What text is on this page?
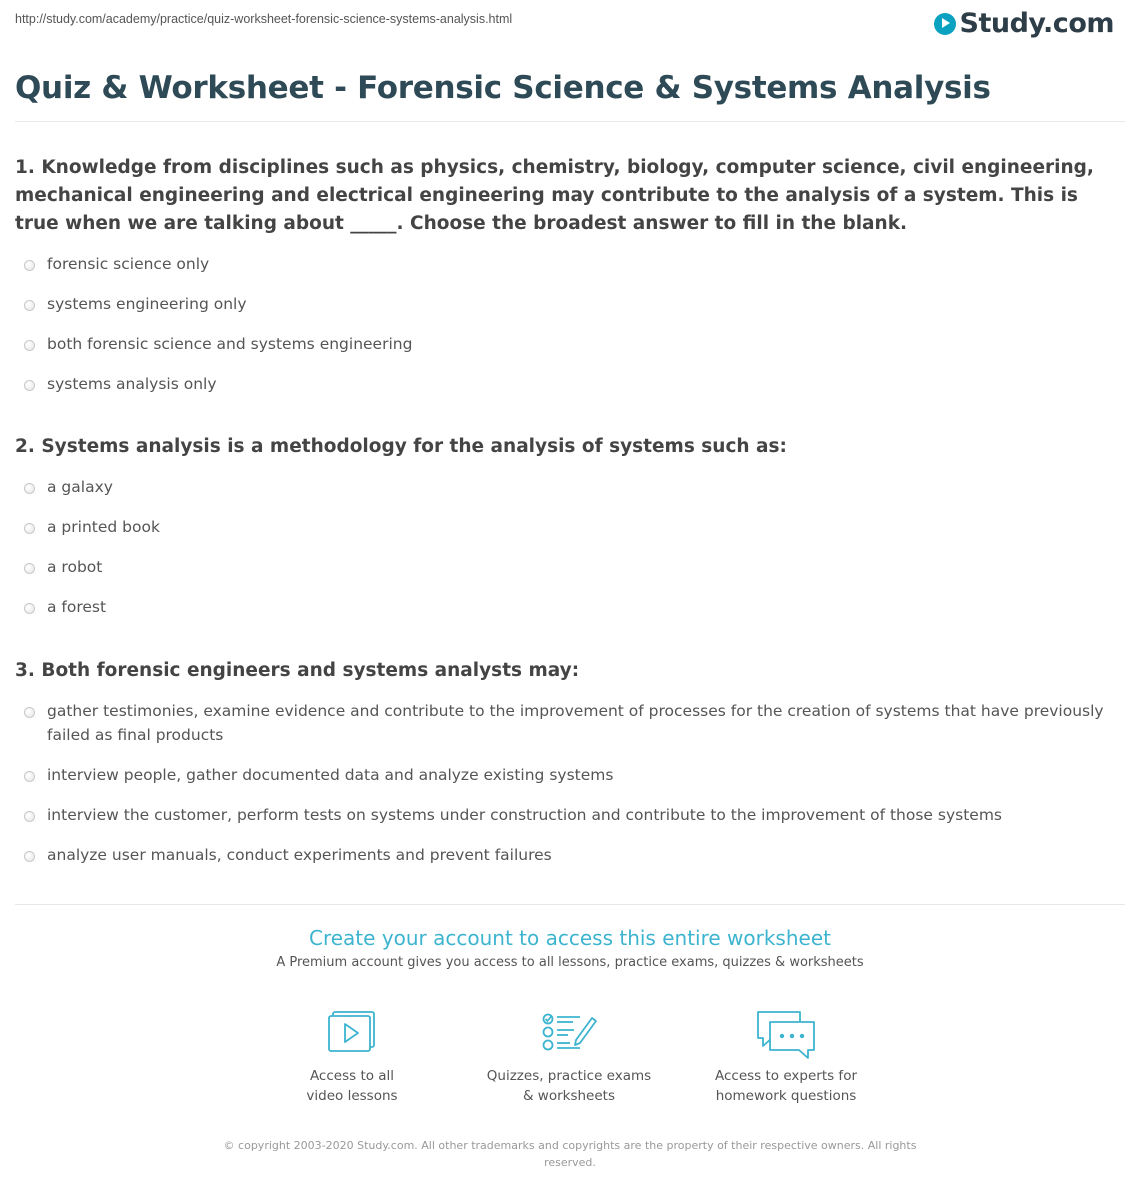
http://study.com/academy/practice/quiz-worksheet-forensic-science-systems-analysis.html	Study.com
Quiz & Worksheet - Forensic Science & Systems Analysis
1. Knowledge from disciplines such as physics, chemistry, biology, computer science, civil engineering, mechanical engineering and electrical engineering may contribute to the analysis of a system. This is true when we are talking about _____. Choose the broadest answer to fill in the blank.
forensic science only
systems engineering only
both forensic science and systems engineering
systems analysis only
2. Systems analysis is a methodology for the analysis of systems such as:
a galaxy
a printed book
a robot
a forest
3. Both forensic engineers and systems analysts may:
gather testimonies, examine evidence and contribute to the improvement of processes for the creation of systems that have previously failed as final products
interview people, gather documented data and analyze existing systems
interview the customer, perform tests on systems under construction and contribute to the improvement of those systems
analyze user manuals, conduct experiments and prevent failures
Create your account to access this entire worksheet
A Premium account gives you access to all lessons, practice exams, quizzes & worksheets
Access to all
video lessons
Quizzes, practice exams
& worksheets
Access to experts for
homework questions
© copyright 2003-2020 Study.com. All other trademarks and copyrights are the property of their respective owners. All rights reserved.
